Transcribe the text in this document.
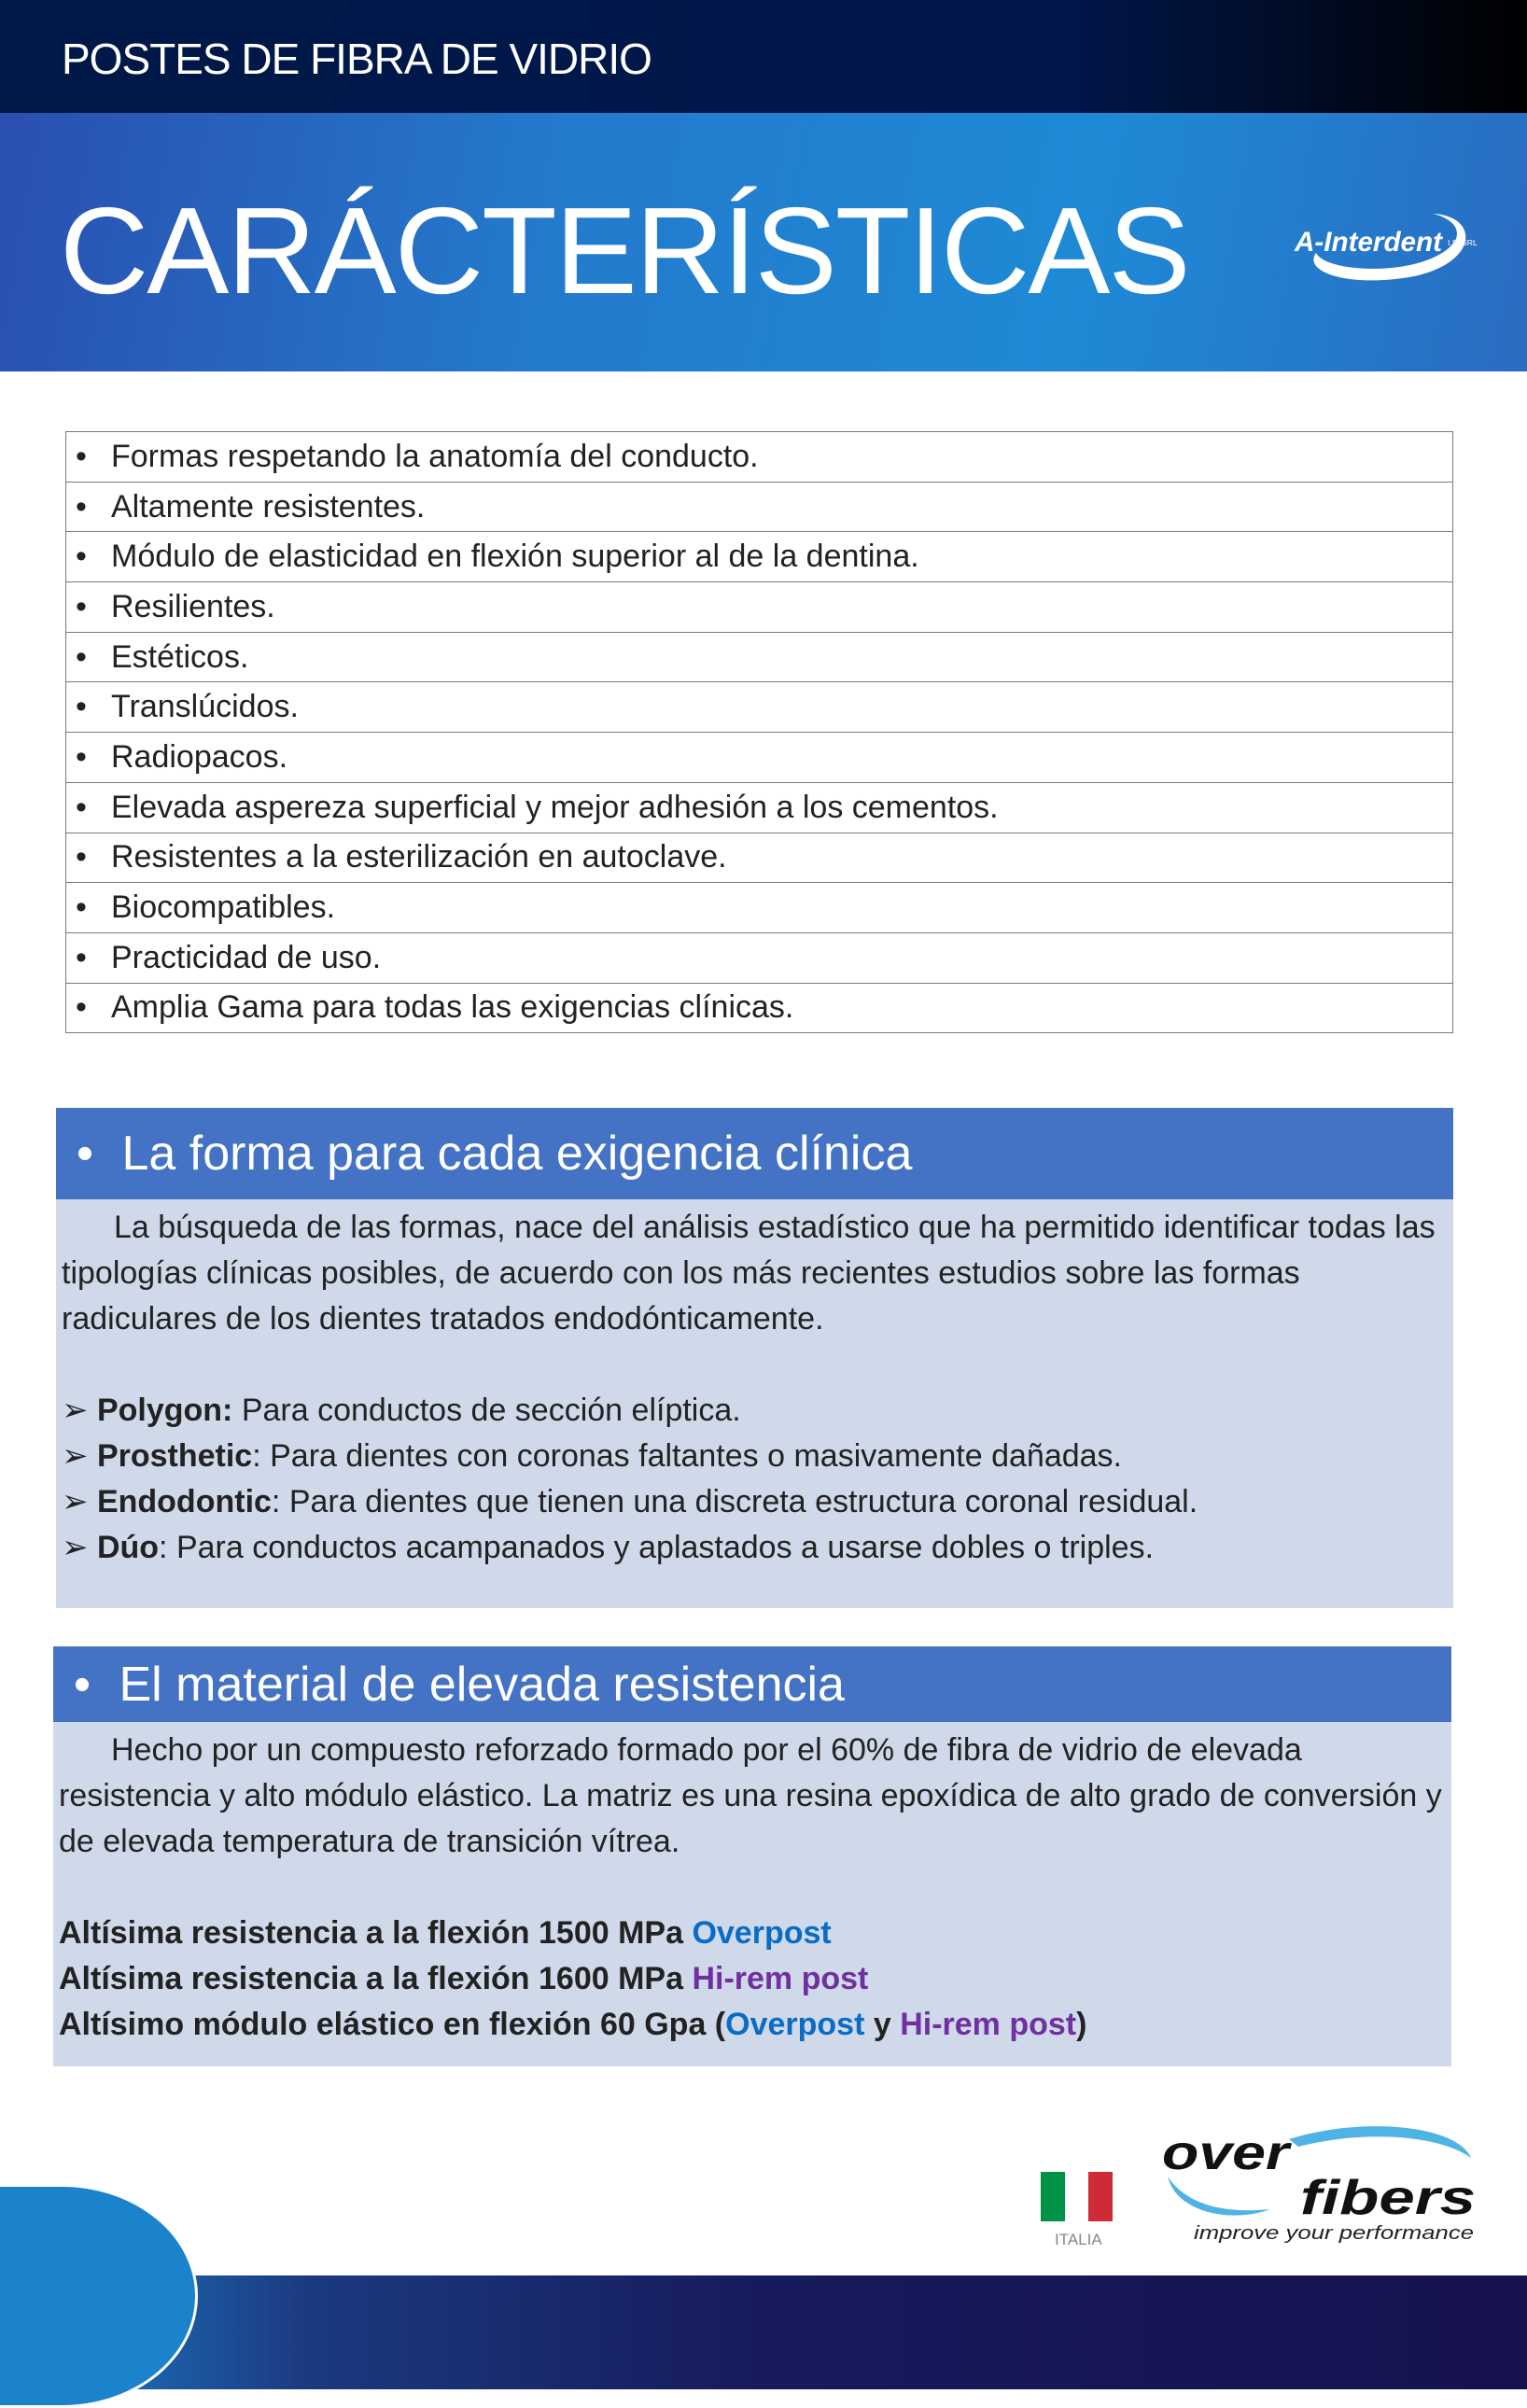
POSTES DE FIBRA DE VIDRIO
CARÁCTERÍSTICAS	A-Interdent I.P. SRL
• Formas respetando la anatomía del conducto.
• Altamente resistentes.
• Módulo de elasticidad en flexión superior al de la dentina.
• Resilientes.
• Estéticos.
• Translúcidos.
• Radiopacos.
• Elevada aspereza superficial y mejor adhesión a los cementos.
• Resistentes a la esterilización en autoclave.
• Biocompatibles.
• Practicidad de uso.
• Amplia Gama para todas las exigencias clínicas.
•
La forma para cada exigencia clínica

La búsqueda de las formas, nace del análisis estadístico que ha permitido identificar todas las tipologías clínicas posibles, de acuerdo con los más recientes estudios sobre las formas radiculares de los dientes tratados endodónticamente.

➢ Polygon: Para conductos de sección elíptica.

➢ Prosthetic: Para dientes con coronas faltantes o masivamente dañadas.

➢ Endodontic: Para dientes que tienen una discreta estructura coronal residual.

➢ Dúo: Para conductos acampanados y aplastados a usarse dobles o triples.

•
El material de elevada resistencia

Hecho por un compuesto reforzado formado por el 60% de fibra de vidrio de elevada resistencia y alto módulo elástico. La matriz es una resina epoxídica de alto grado de conversión y de elevada temperatura de transición vítrea.

Altísima resistencia a la flexión 1500 MPa Overpost

Altísima resistencia a la flexión 1600 MPa Hi-rem post

Altísimo módulo elástico en flexión 60 Gpa (Overpost y Hi-rem post)

ITALIA
over
fibers
improve your performance
